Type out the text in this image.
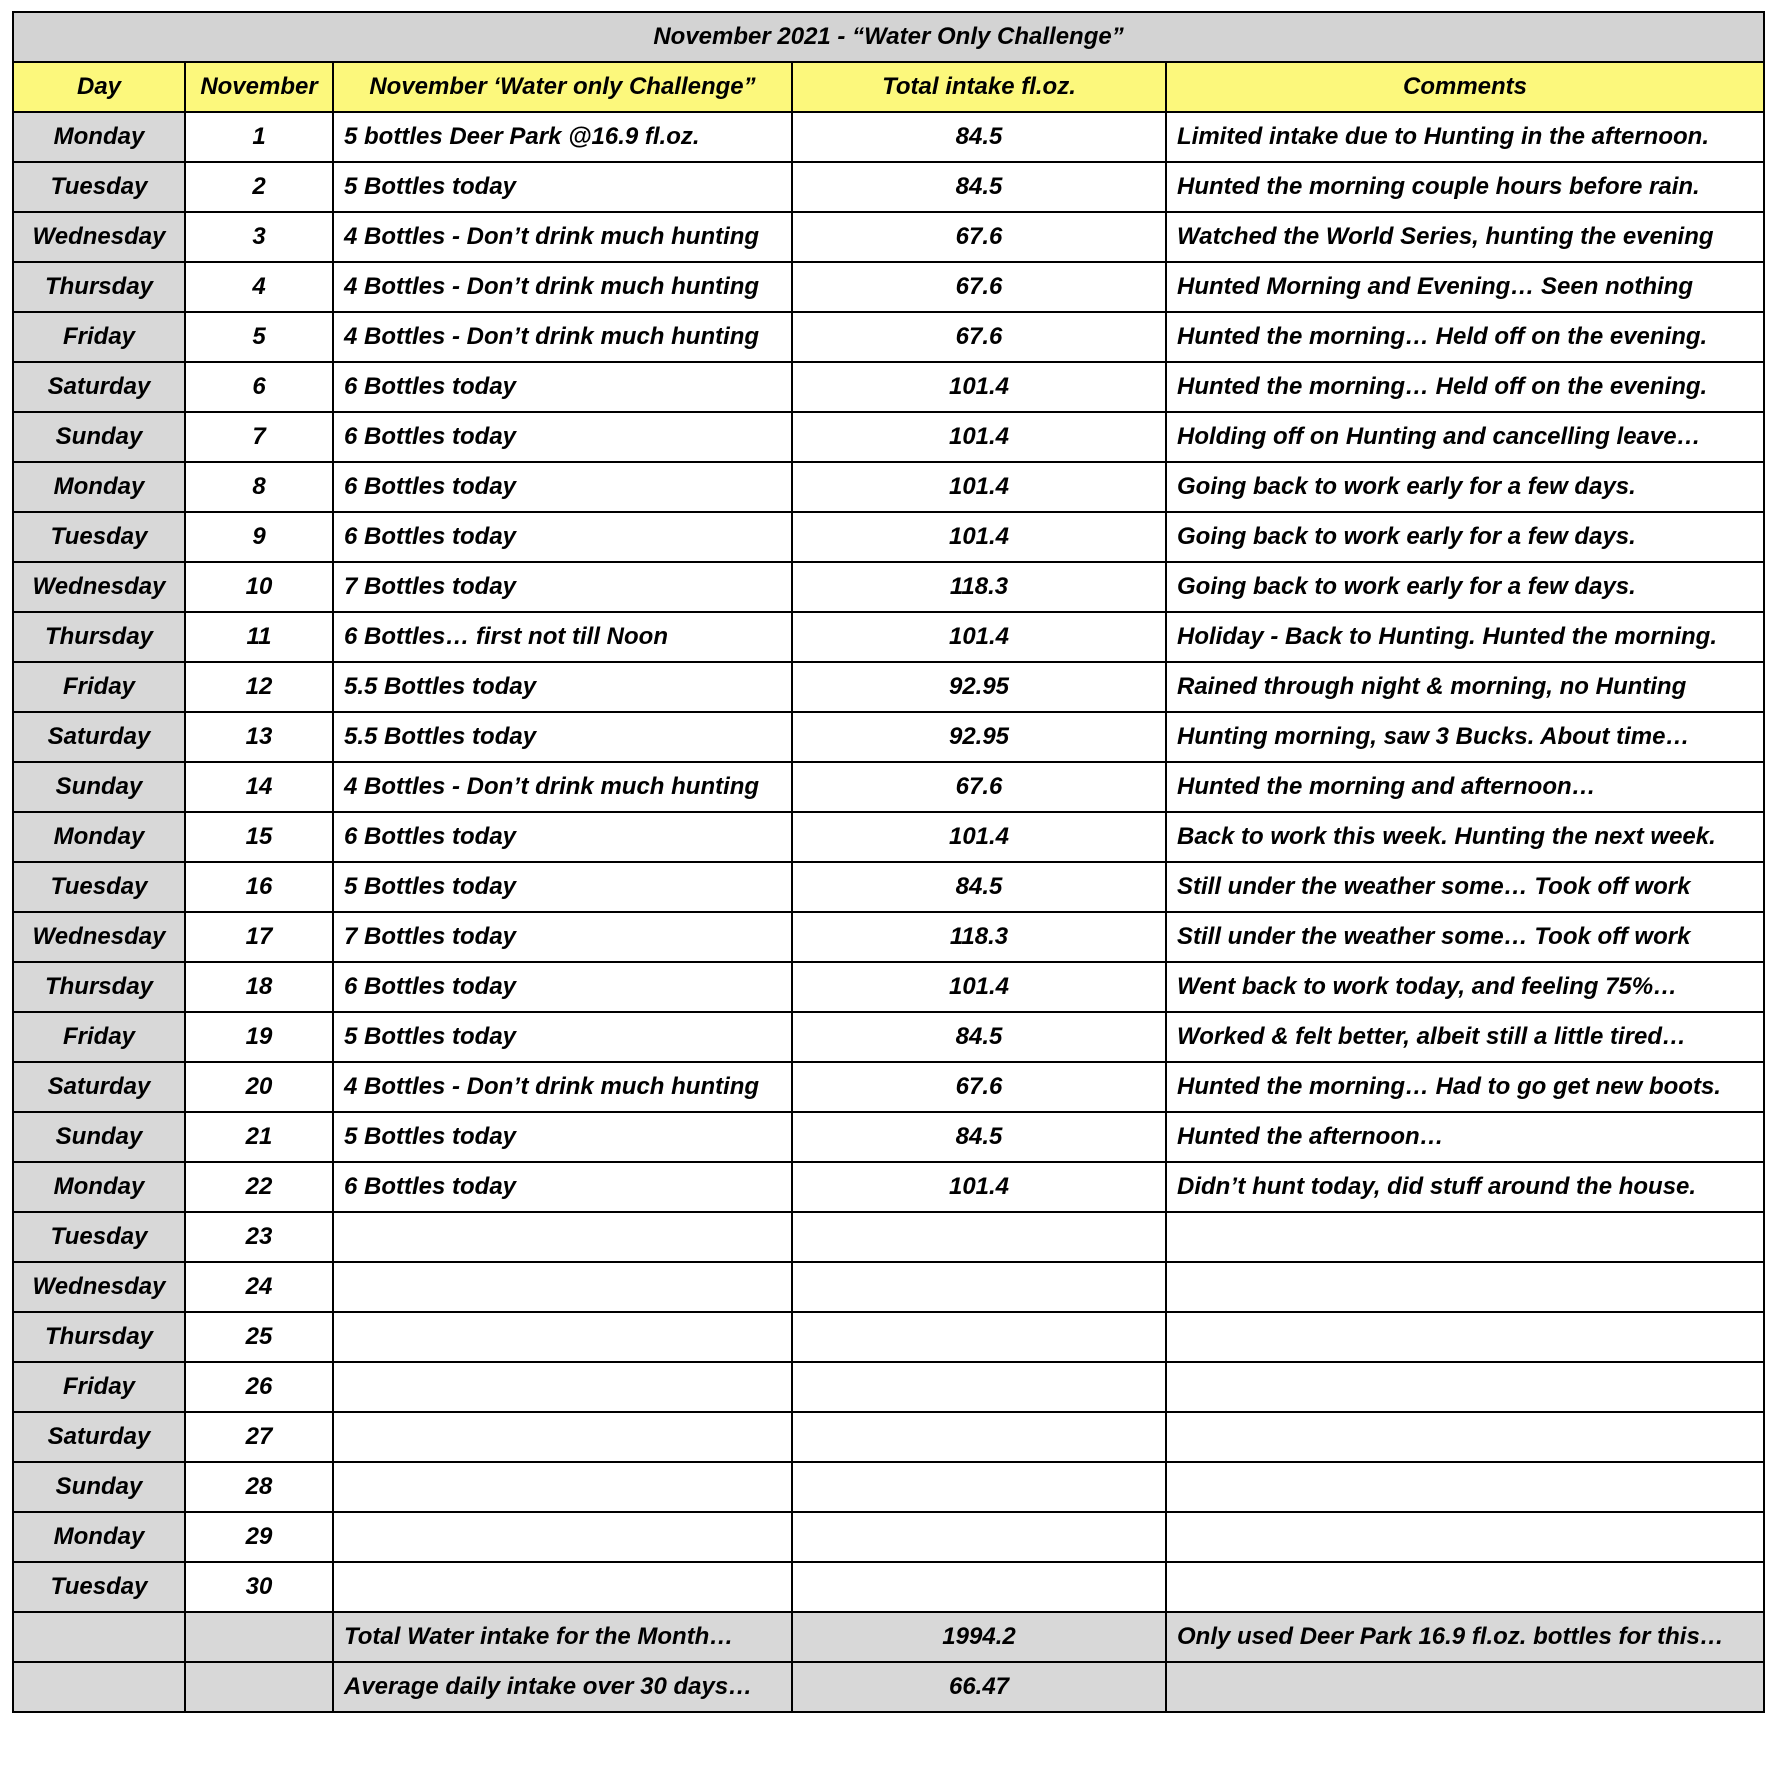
November 2021 - “Water Only Challenge”				
Day	November	November ‘Water only Challenge”	Total intake fl.oz.	Comments
Monday	1	5 bottles Deer Park @16.9 fl.oz.	84.5	Limited intake due to Hunting in the afternoon.
Tuesday	2	5 Bottles today	84.5	Hunted the morning couple hours before rain.
Wednesday	3	4 Bottles - Don’t drink much hunting	67.6	Watched the World Series, hunting the evening
Thursday	4	4 Bottles - Don’t drink much hunting	67.6	Hunted Morning and Evening… Seen nothing
Friday	5	4 Bottles - Don’t drink much hunting	67.6	Hunted the morning… Held off on the evening.
Saturday	6	6 Bottles today	101.4	Hunted the morning… Held off on the evening.
Sunday	7	6 Bottles today	101.4	Holding off on Hunting and cancelling leave…
Monday	8	6 Bottles today	101.4	Going back to work early for a few days.
Tuesday	9	6 Bottles today	101.4	Going back to work early for a few days.
Wednesday	10	7 Bottles today	118.3	Going back to work early for a few days.
Thursday	11	6 Bottles… first not till Noon	101.4	Holiday - Back to Hunting. Hunted the morning.
Friday	12	5.5 Bottles today	92.95	Rained through night & morning, no Hunting
Saturday	13	5.5 Bottles today	92.95	Hunting morning, saw 3 Bucks. About time…
Sunday	14	4 Bottles - Don’t drink much hunting	67.6	Hunted the morning and afternoon…
Monday	15	6 Bottles today	101.4	Back to work this week. Hunting the next week.
Tuesday	16	5 Bottles today	84.5	Still under the weather some… Took off work
Wednesday	17	7 Bottles today	118.3	Still under the weather some… Took off work
Thursday	18	6 Bottles today	101.4	Went back to work today, and feeling 75%…
Friday	19	5 Bottles today	84.5	Worked & felt better, albeit still a little tired…
Saturday	20	4 Bottles - Don’t drink much hunting	67.6	Hunted the morning… Had to go get new boots.
Sunday	21	5 Bottles today	84.5	Hunted the afternoon…
Monday	22	6 Bottles today	101.4	Didn’t hunt today, did stuff around the house.
Tuesday	23			
Wednesday	24			
Thursday	25			
Friday	26			
Saturday	27			
Sunday	28			
Monday	29			
Tuesday	30			
		Total Water intake for the Month…	1994.2	Only used Deer Park 16.9 fl.oz. bottles for this…
		Average daily intake over 30 days…	66.47	
